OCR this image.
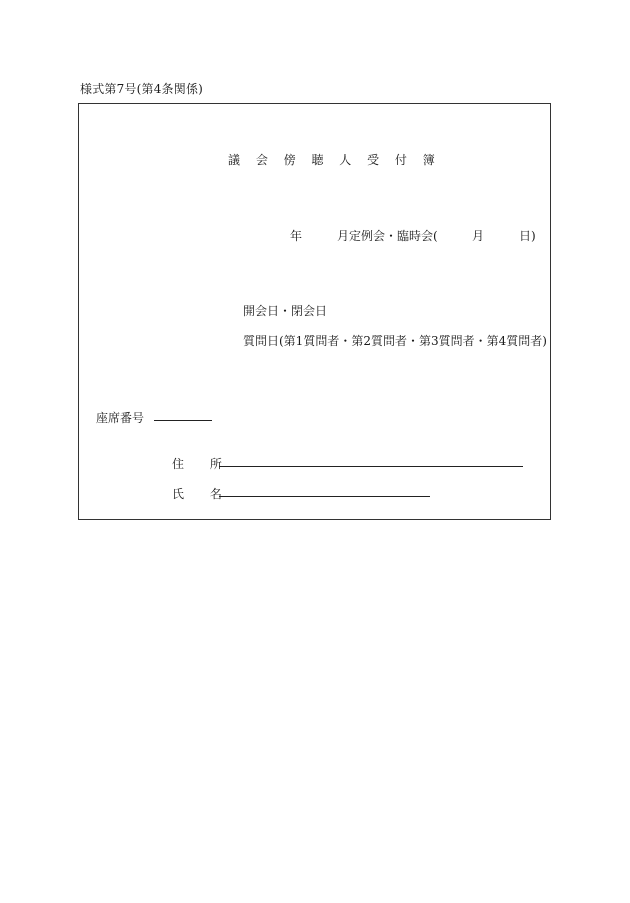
様式第7号(第4条関係)
議 会 傍 聴 人 受 付 簿
年	月定例会・臨時会(	月	日)
開会日・閉会日
質問日(第1質問者・第2質問者・第3質問者・第4質問者)
座席番号
住 所
氏 名
